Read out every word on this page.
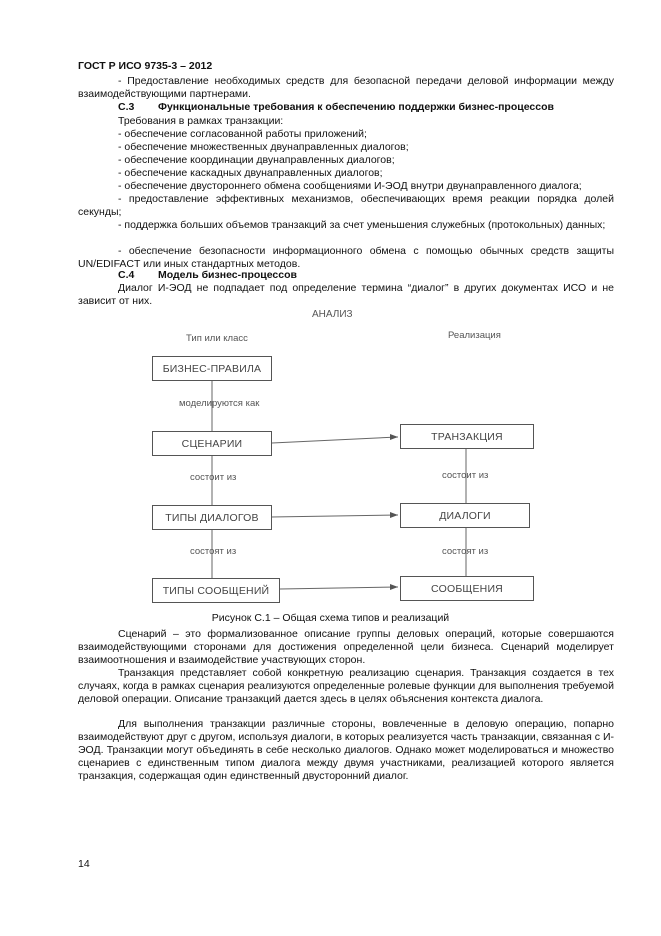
ГОСТ Р ИСО 9735-3 – 2012

- Предоставление необходимых средств для безопасной передачи деловой информации между взаимодействующими партнерами.

С.3 Функциональные требования к обеспечению поддержки бизнес-процессов
Требования в рамках транзакции:
- обеспечение согласованной работы приложений;
- обеспечение множественных двунаправленных диалогов;
- обеспечение координации двунаправленных диалогов;
- обеспечение каскадных двунаправленных диалогов;
- обеспечение двустороннего обмена сообщениями И-ЭОД внутри двунаправленного диалога;

- предоставление эффективных механизмов, обеспечивающих время реакции порядка долей секунды;

- поддержка больших объемов транзакций за счет уменьшения служебных (протокольных) данных;

- обеспечение безопасности информационного обмена с помощью обычных средств защиты UN/EDIFACT или иных стандартных методов.

С.4 Модель бизнес-процессов

Диалог И-ЭОД не подпадает под определение термина “диалог” в других документах ИСО и не зависит от них.

АНАЛИЗ
Тип или класс	Реализация
БИЗНЕС-ПРАВИЛА
СЦЕНАРИИ
ТИПЫ ДИАЛОГОВ
ТИПЫ СООБЩЕНИЙ
ТРАНЗАКЦИЯ
ДИАЛОГИ
СООБЩЕНИЯ
моделируются как
состоит из
состоят из
состоит из
состоят из
Рисунок С.1 – Общая схема типов и реализаций

Сценарий – это формализованное описание группы деловых операций, которые совершаются взаимодействующими сторонами для достижения определенной цели бизнеса. Сценарий моделирует взаимоотношения и взаимодействие участвующих сторон.

Транзакция представляет собой конкретную реализацию сценария. Транзакция создается в тех случаях, когда в рамках сценария реализуются определенные ролевые функции для выполнения требуемой деловой операции. Описание транзакций дается здесь в целях объяснения контекста диалога.

Для выполнения транзакции различные стороны, вовлеченные в деловую операцию, попарно взаимодействуют друг с другом, используя диалоги, в которых реализуется часть транзакции, связанная с И-ЭОД. Транзакции могут объединять в себе несколько диалогов. Однако может моделироваться и множество сценариев с единственным типом диалога между двумя участниками, реализацией которого является транзакция, содержащая один единственный двусторонний диалог.

14
